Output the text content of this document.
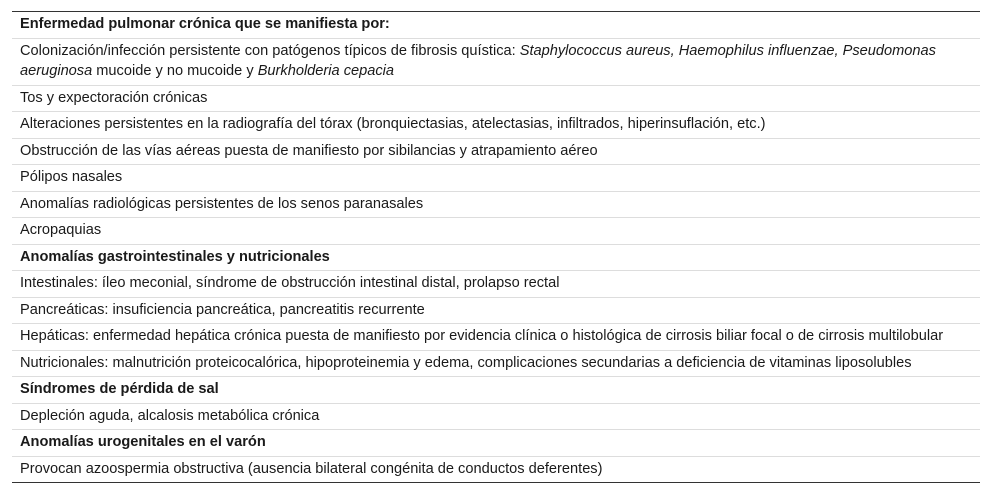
Enfermedad pulmonar crónica que se manifiesta por:
Colonización/infección persistente con patógenos típicos de fibrosis quística: Staphylococcus aureus, Haemophilus influenzae, Pseudomonas aeruginosa mucoide y no mucoide y Burkholderia cepacia
Tos y expectoración crónicas
Alteraciones persistentes en la radiografía del tórax (bronquiectasias, atelectasias, infiltrados, hiperinsuflación, etc.)
Obstrucción de las vías aéreas puesta de manifiesto por sibilancias y atrapamiento aéreo
Pólipos nasales
Anomalías radiológicas persistentes de los senos paranasales
Acropaquias
Anomalías gastrointestinales y nutricionales
Intestinales: íleo meconial, síndrome de obstrucción intestinal distal, prolapso rectal
Pancreáticas: insuficiencia pancreática, pancreatitis recurrente
Hepáticas: enfermedad hepática crónica puesta de manifiesto por evidencia clínica o histológica de cirrosis biliar focal o de cirrosis multilobular
Nutricionales: malnutrición proteicocalórica, hipoproteinemia y edema, complicaciones secundarias a deficiencia de vitaminas liposolubles
Síndromes de pérdida de sal
Depleción aguda, alcalosis metabólica crónica
Anomalías urogenitales en el varón
Provocan azoospermia obstructiva (ausencia bilateral congénita de conductos deferentes)
